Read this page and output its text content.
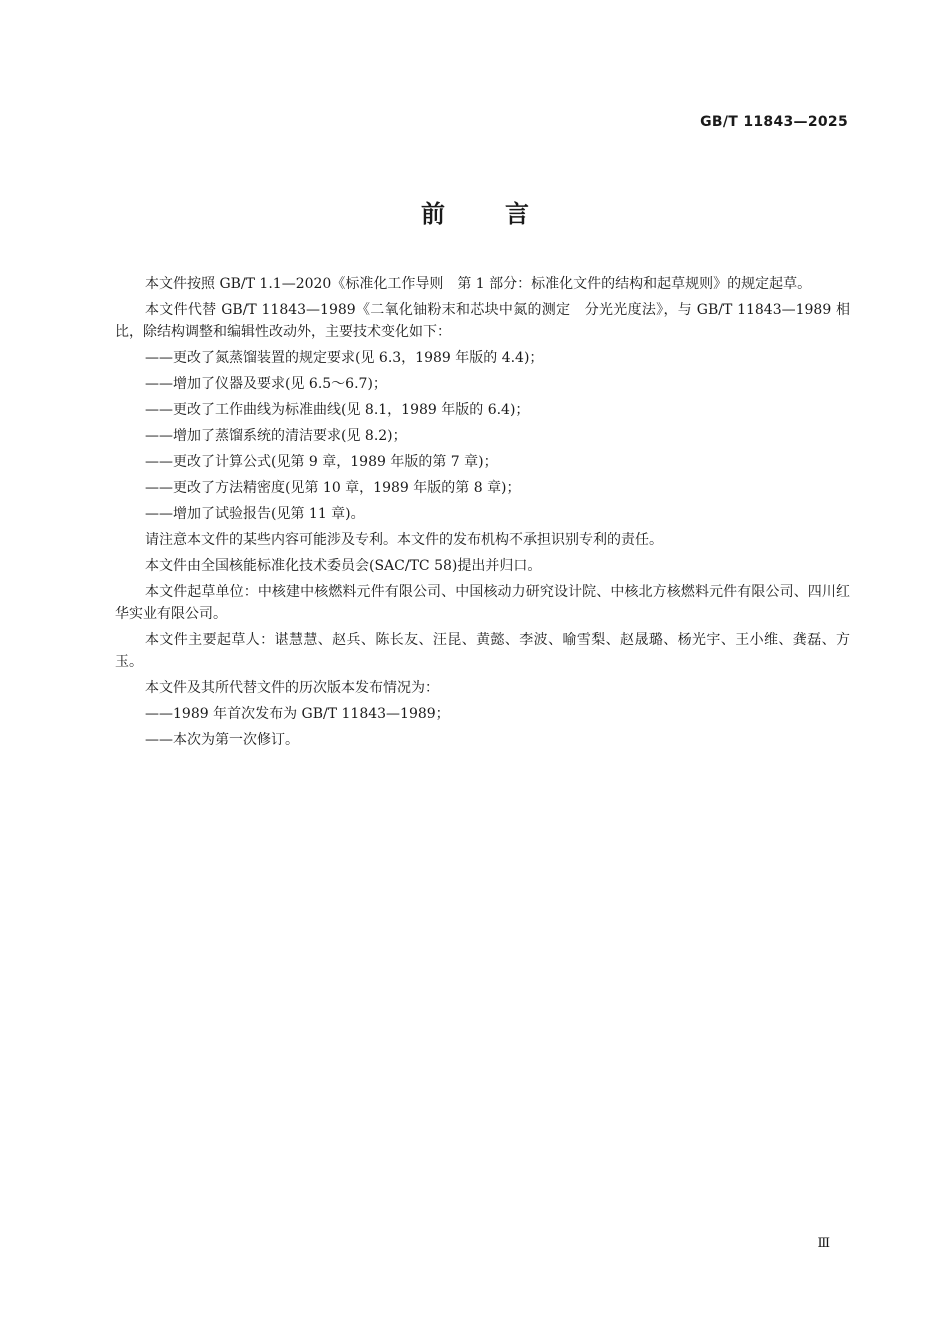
GB/T 11843—2025
前言

本文件按照 GB/T 1.1—2020《标准化工作导则　第 1 部分：标准化文件的结构和起草规则》的规定起草。

本文件代替 GB/T 11843—1989《二氧化铀粉末和芯块中氮的测定　分光光度法》，与 GB/T 11843—1989 相比，除结构调整和编辑性改动外，主要技术变化如下：

——更改了氮蒸馏装置的规定要求(见 6.3，1989 年版的 4.4)；

——增加了仪器及要求(见 6.5～6.7)；

——更改了工作曲线为标准曲线(见 8.1，1989 年版的 6.4)；

——增加了蒸馏系统的清洁要求(见 8.2)；

——更改了计算公式(见第 9 章，1989 年版的第 7 章)；

——更改了方法精密度(见第 10 章，1989 年版的第 8 章)；

——增加了试验报告(见第 11 章)。

请注意本文件的某些内容可能涉及专利。本文件的发布机构不承担识别专利的责任。

本文件由全国核能标准化技术委员会(SAC/TC 58)提出并归口。

本文件起草单位：中核建中核燃料元件有限公司、中国核动力研究设计院、中核北方核燃料元件有限公司、四川红华实业有限公司。

本文件主要起草人：谌慧慧、赵兵、陈长友、汪昆、黄懿、李波、喻雪梨、赵晟璐、杨光宇、王小维、龚磊、方玉。

本文件及其所代替文件的历次版本发布情况为：

——1989 年首次发布为 GB/T 11843—1989；

——本次为第一次修订。

Ⅲ
